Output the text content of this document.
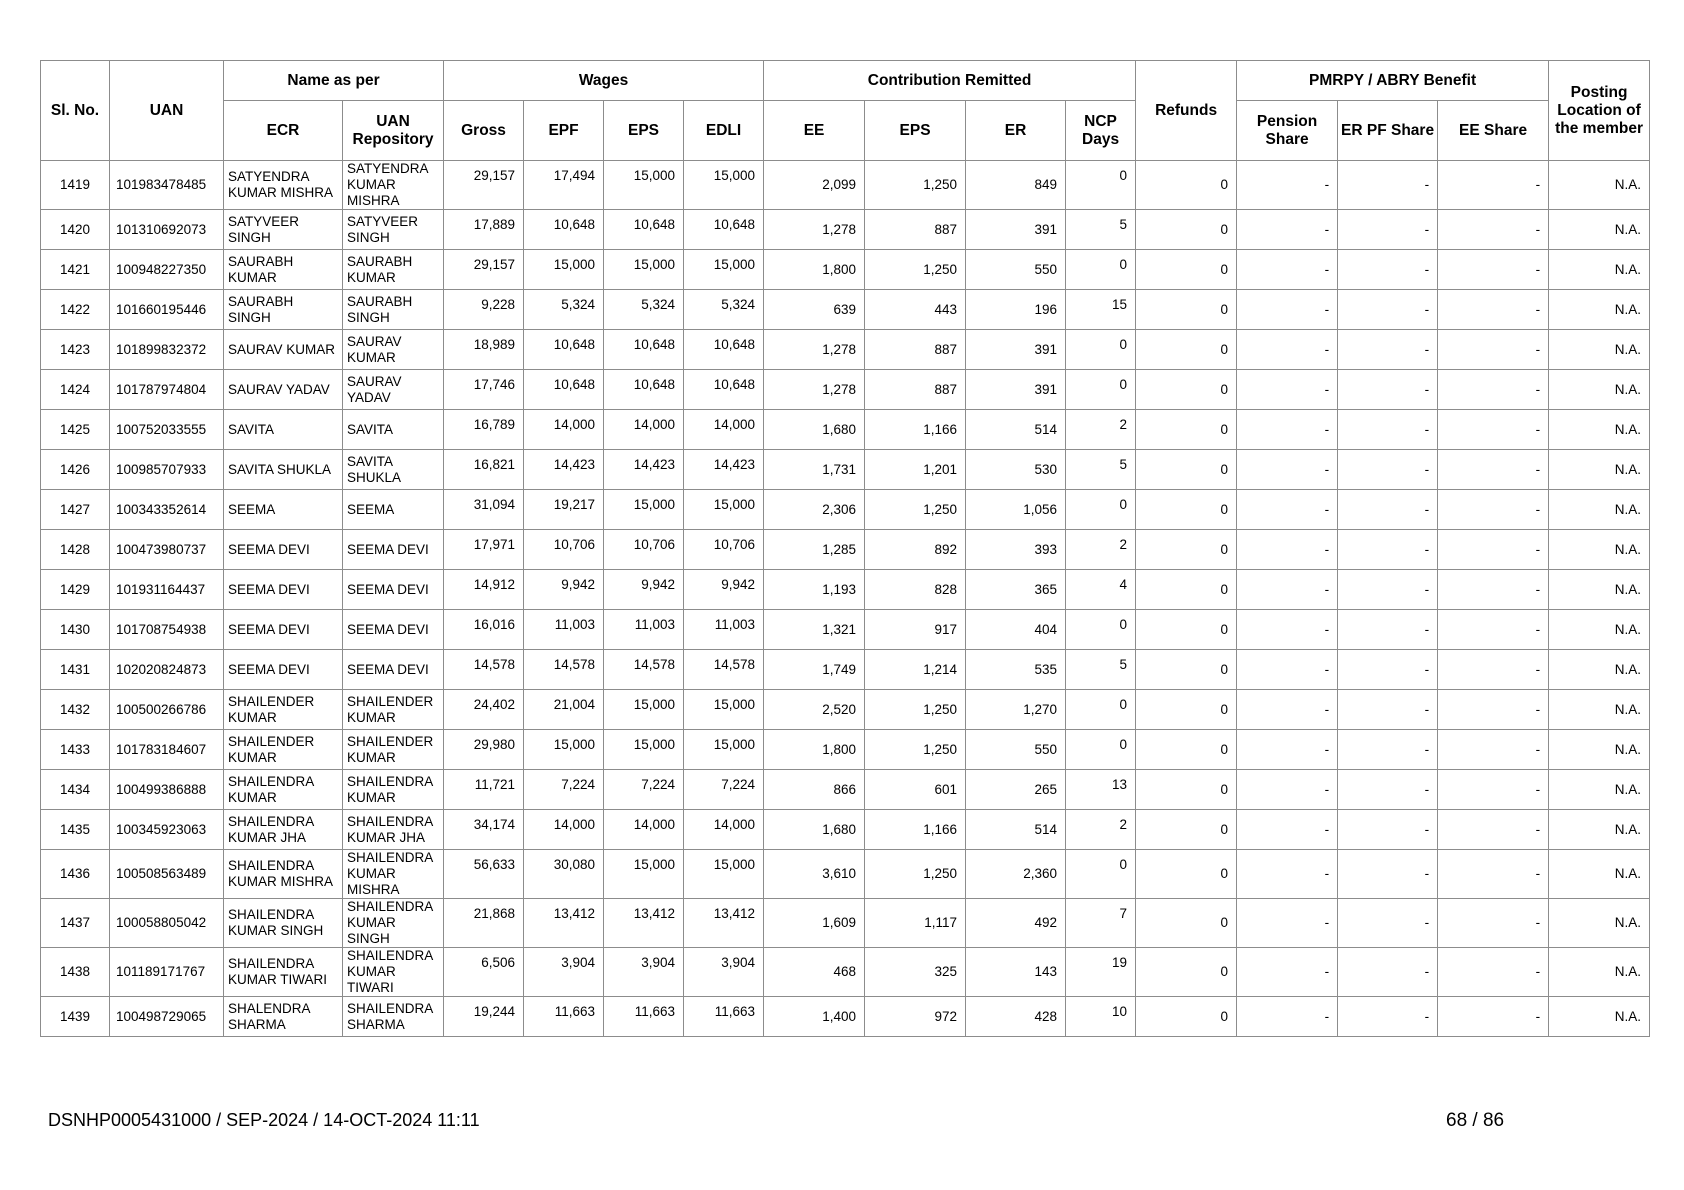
Sl. No.	UAN	Name as per		Wages				Contribution Remitted				Refunds	PMRPY / ABRY Benefit			Posting Location of the member
		ECR	UAN Repository	Gross	EPF	EPS	EDLI	EE	EPS	ER	NCP Days		Pension Share	ER PF Share	EE Share	
1419	101983478485	SATYENDRA KUMAR MISHRA	SATYENDRA KUMAR MISHRA	29,157	17,494	15,000	15,000	2,099	1,250	849	0	0	-	-	-	N.A.
1420	101310692073	SATYVEER SINGH	SATYVEER SINGH	17,889	10,648	10,648	10,648	1,278	887	391	5	0	-	-	-	N.A.
1421	100948227350	SAURABH KUMAR	SAURABH KUMAR	29,157	15,000	15,000	15,000	1,800	1,250	550	0	0	-	-	-	N.A.
1422	101660195446	SAURABH SINGH	SAURABH SINGH	9,228	5,324	5,324	5,324	639	443	196	15	0	-	-	-	N.A.
1423	101899832372	SAURAV KUMAR	SAURAV KUMAR	18,989	10,648	10,648	10,648	1,278	887	391	0	0	-	-	-	N.A.
1424	101787974804	SAURAV YADAV	SAURAV YADAV	17,746	10,648	10,648	10,648	1,278	887	391	0	0	-	-	-	N.A.
1425	100752033555	SAVITA	SAVITA	16,789	14,000	14,000	14,000	1,680	1,166	514	2	0	-	-	-	N.A.
1426	100985707933	SAVITA SHUKLA	SAVITA SHUKLA	16,821	14,423	14,423	14,423	1,731	1,201	530	5	0	-	-	-	N.A.
1427	100343352614	SEEMA	SEEMA	31,094	19,217	15,000	15,000	2,306	1,250	1,056	0	0	-	-	-	N.A.
1428	100473980737	SEEMA DEVI	SEEMA DEVI	17,971	10,706	10,706	10,706	1,285	892	393	2	0	-	-	-	N.A.
1429	101931164437	SEEMA DEVI	SEEMA DEVI	14,912	9,942	9,942	9,942	1,193	828	365	4	0	-	-	-	N.A.
1430	101708754938	SEEMA DEVI	SEEMA DEVI	16,016	11,003	11,003	11,003	1,321	917	404	0	0	-	-	-	N.A.
1431	102020824873	SEEMA DEVI	SEEMA DEVI	14,578	14,578	14,578	14,578	1,749	1,214	535	5	0	-	-	-	N.A.
1432	100500266786	SHAILENDER KUMAR	SHAILENDER KUMAR	24,402	21,004	15,000	15,000	2,520	1,250	1,270	0	0	-	-	-	N.A.
1433	101783184607	SHAILENDER KUMAR	SHAILENDER KUMAR	29,980	15,000	15,000	15,000	1,800	1,250	550	0	0	-	-	-	N.A.
1434	100499386888	SHAILENDRA KUMAR	SHAILENDRA KUMAR	11,721	7,224	7,224	7,224	866	601	265	13	0	-	-	-	N.A.
1435	100345923063	SHAILENDRA KUMAR JHA	SHAILENDRA KUMAR JHA	34,174	14,000	14,000	14,000	1,680	1,166	514	2	0	-	-	-	N.A.
1436	100508563489	SHAILENDRA KUMAR MISHRA	SHAILENDRA KUMAR MISHRA	56,633	30,080	15,000	15,000	3,610	1,250	2,360	0	0	-	-	-	N.A.
1437	100058805042	SHAILENDRA KUMAR SINGH	SHAILENDRA KUMAR SINGH	21,868	13,412	13,412	13,412	1,609	1,117	492	7	0	-	-	-	N.A.
1438	101189171767	SHAILENDRA KUMAR TIWARI	SHAILENDRA KUMAR TIWARI	6,506	3,904	3,904	3,904	468	325	143	19	0	-	-	-	N.A.
1439	100498729065	SHALENDRA SHARMA	SHAILENDRA SHARMA	19,244	11,663	11,663	11,663	1,400	972	428	10	0	-	-	-	N.A.
DSNHP0005431000 / SEP-2024 / 14-OCT-2024 11:11	68 / 86
